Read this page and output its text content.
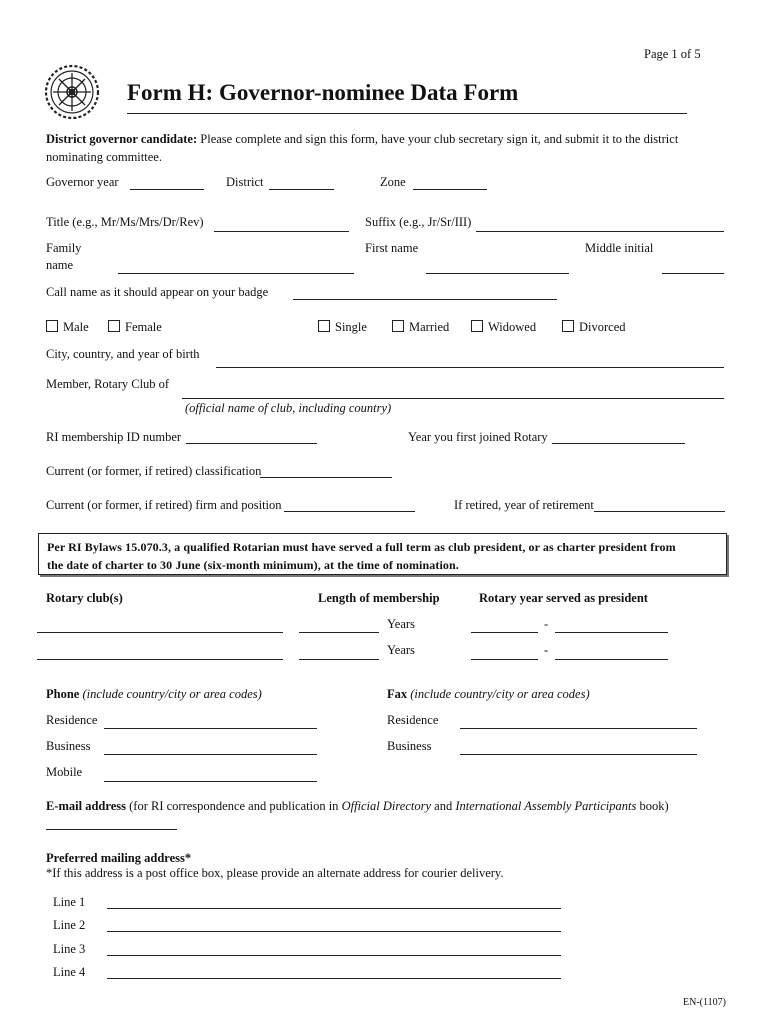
Page 1 of 5
Form H: Governor-nominee Data Form
District governor candidate: Please complete and sign this form, have your club secretary sign it, and submit it to the district
nominating committee.
Governor year	District	Zone
Title (e.g., Mr/Ms/Mrs/Dr/Rev)	Suffix (e.g., Jr/Sr/III)
Family
name
First name	Middle initial
Call name as it should appear on your badge
Male	Female	Single	Married	Widowed	Divorced
City, country, and year of birth
Member, Rotary Club of
(official name of club, including country)
RI membership ID number	Year you first joined Rotary
Current (or former, if retired) classification
Current (or former, if retired) firm and position	If retired, year of retirement
Per RI Bylaws 15.070.3, a qualified Rotarian must have served a full term as club president, or as charter president from
the date of charter to 30 June (six-month minimum), at the time of nomination.
Rotary club(s)	Length of membership	Rotary year served as president
Years	-
Years	-
Phone (include country/city or area codes)	Fax (include country/city or area codes)
Residence	Residence
Business	Business
Mobile
E-mail address (for RI correspondence and publication in Official Directory and International Assembly Participants book)
Preferred mailing address*
*If this address is a post office box, please provide an alternate address for courier delivery.
Line 1
Line 2
Line 3
Line 4
EN-(1107)
